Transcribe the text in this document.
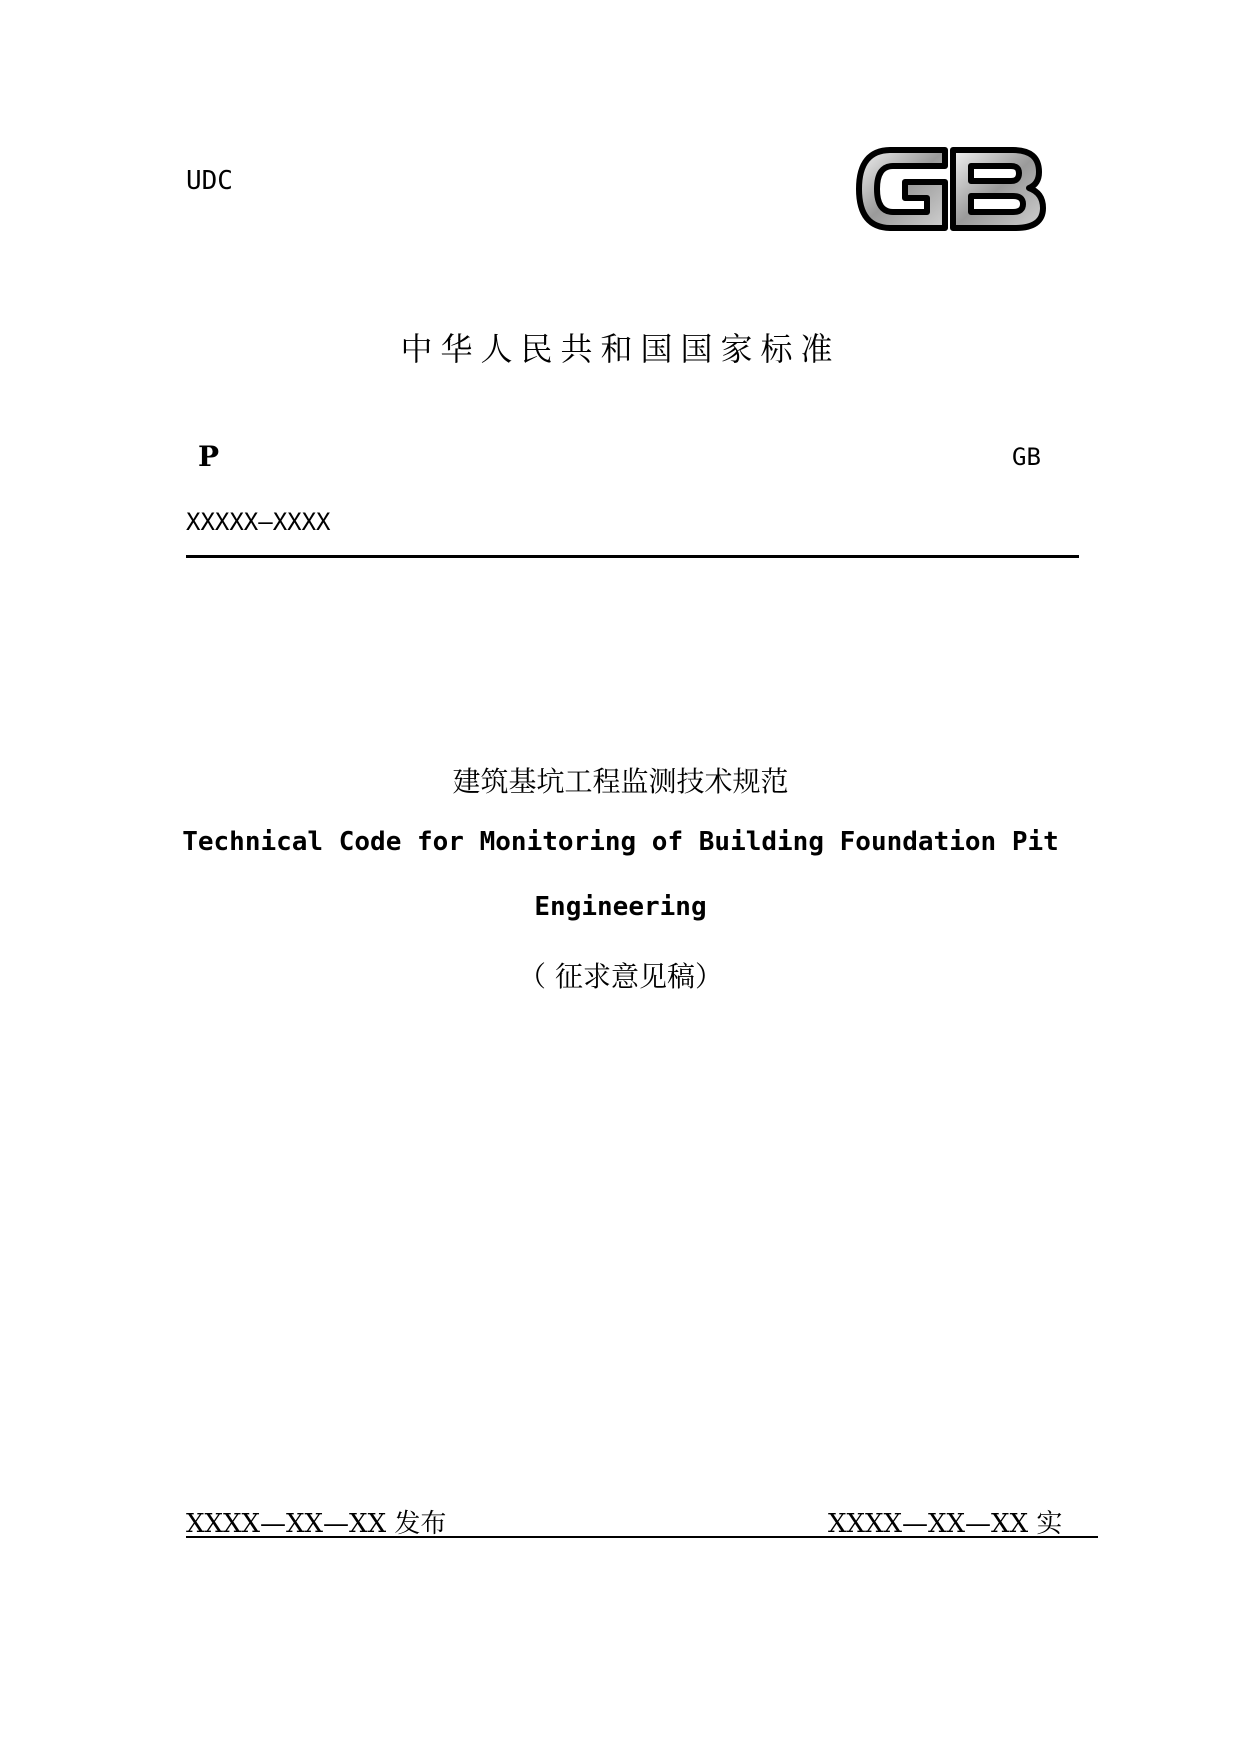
UDC
中华人民共和国国家标准
P	GB
XXXXX—XXXX
建筑基坑工程监测技术规范
Technical Code for Monitoring of Building Foundation Pit
Engineering
（ 征求意见稿）
XXXX—XX—XX 发布	XXXX—XX—XX 实
